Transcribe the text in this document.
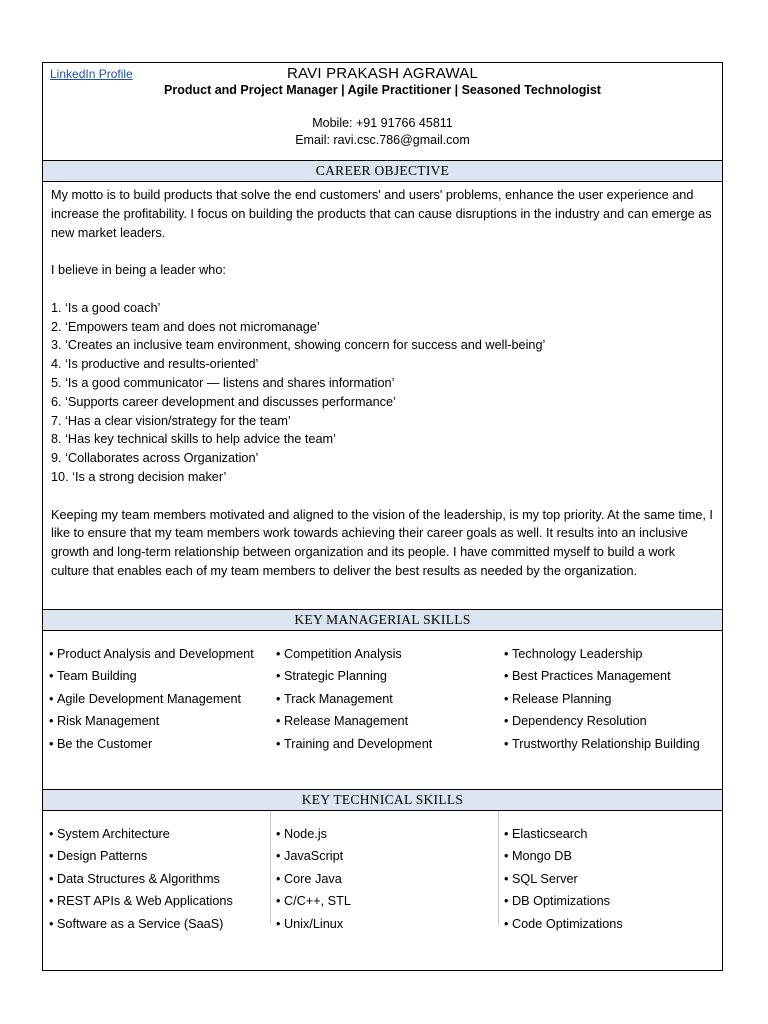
LinkedIn Profile	RAVI PRAKASH AGRAWAL
Product and Project Manager | Agile Practitioner | Seasoned Technologist
Mobile: +91 91766 45811
Email: ravi.csc.786@gmail.com
CAREER OBJECTIVE

My motto is to build products that solve the end customers' and users' problems, enhance the user experience and increase the profitability. I focus on building the products that can cause disruptions in the industry and can emerge as new market leaders.

I believe in being a leader who:

1. ‘Is a good coach’

2. ‘Empowers team and does not micromanage’

3. ‘Creates an inclusive team environment, showing concern for success and well-being’

4. ‘Is productive and results-oriented’

5. ‘Is a good communicator — listens and shares information’

6. ‘Supports career development and discusses performance’

7. ‘Has a clear vision/strategy for the team’

8. ‘Has key technical skills to help advice the team’

9. ‘Collaborates across Organization’

10. ‘Is a strong decision maker’

Keeping my team members motivated and aligned to the vision of the leadership, is my top priority. At the same time, I like to ensure that my team members work towards achieving their career goals as well. It results into an inclusive growth and long-term relationship between organization and its people. I have committed myself to build a work culture that enables each of my team members to deliver the best results as needed by the organization.

KEY MANAGERIAL SKILLS
• Product Analysis and Development
• Team Building
• Agile Development Management
• Risk Management
• Be the Customer
• Competition Analysis
• Strategic Planning
• Track Management
• Release Management
• Training and Development
• Technology Leadership
• Best Practices Management
• Release Planning
• Dependency Resolution
• Trustworthy Relationship Building
KEY TECHNICAL SKILLS
• System Architecture
• Design Patterns
• Data Structures & Algorithms
• REST APIs & Web Applications
• Software as a Service (SaaS)
• Node.js
• JavaScript
• Core Java
• C/C++, STL
• Unix/Linux
• Elasticsearch
• Mongo DB
• SQL Server
• DB Optimizations
• Code Optimizations
